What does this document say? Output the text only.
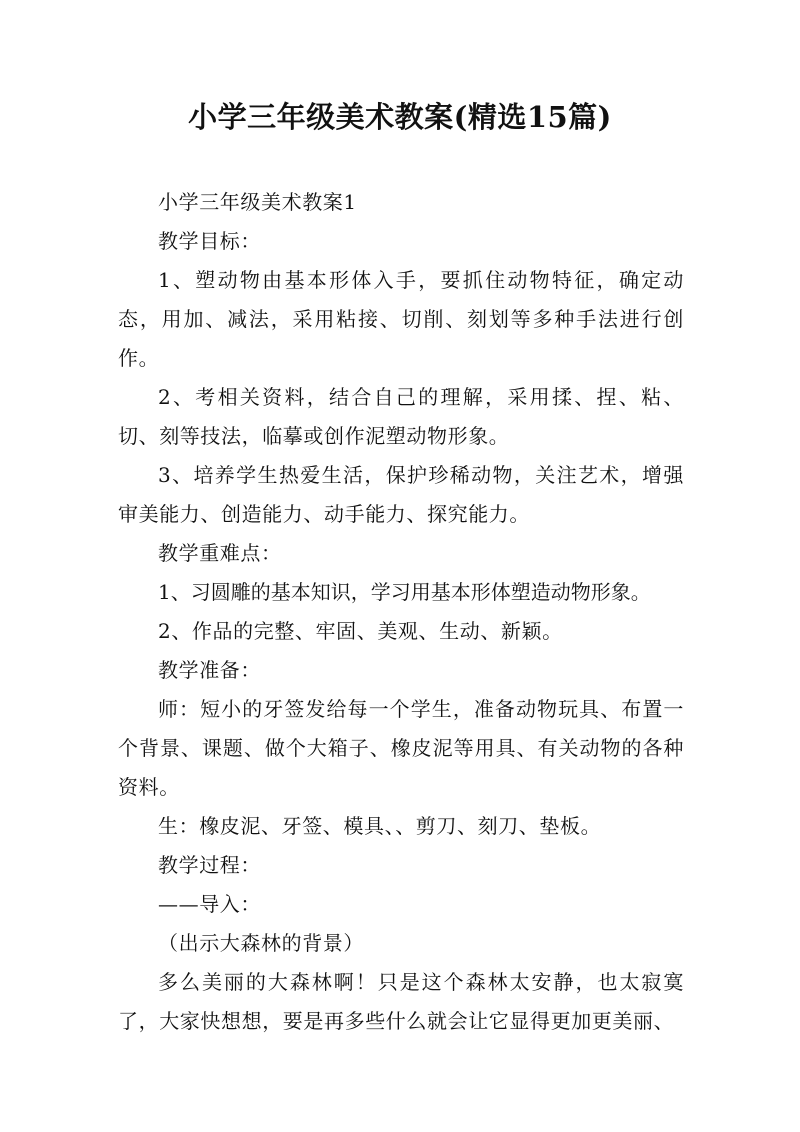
小学三年级美术教案(精选15篇)

小学三年级美术教案1

教学目标：

1、塑动物由基本形体入手，要抓住动物特征，确定动态，用加、减法，采用粘接、切削、刻划等多种手法进行创作。

2、考相关资料，结合自己的理解，采用揉、捏、粘、切、刻等技法，临摹或创作泥塑动物形象。

3、培养学生热爱生活，保护珍稀动物，关注艺术，增强审美能力、创造能力、动手能力、探究能力。

教学重难点：

1、习圆雕的基本知识，学习用基本形体塑造动物形象。

2、作品的完整、牢固、美观、生动、新颖。

教学准备：

师：短小的牙签发给每一个学生，准备动物玩具、布置一个背景、课题、做个大箱子、橡皮泥等用具、有关动物的各种资料。

生：橡皮泥、牙签、模具、、剪刀、刻刀、垫板。

教学过程：

——导入：

（出示大森林的背景）

多么美丽的大森林啊！只是这个森林太安静，也太寂寞了，大家快想想，要是再多些什么就会让它显得更加更美丽、
